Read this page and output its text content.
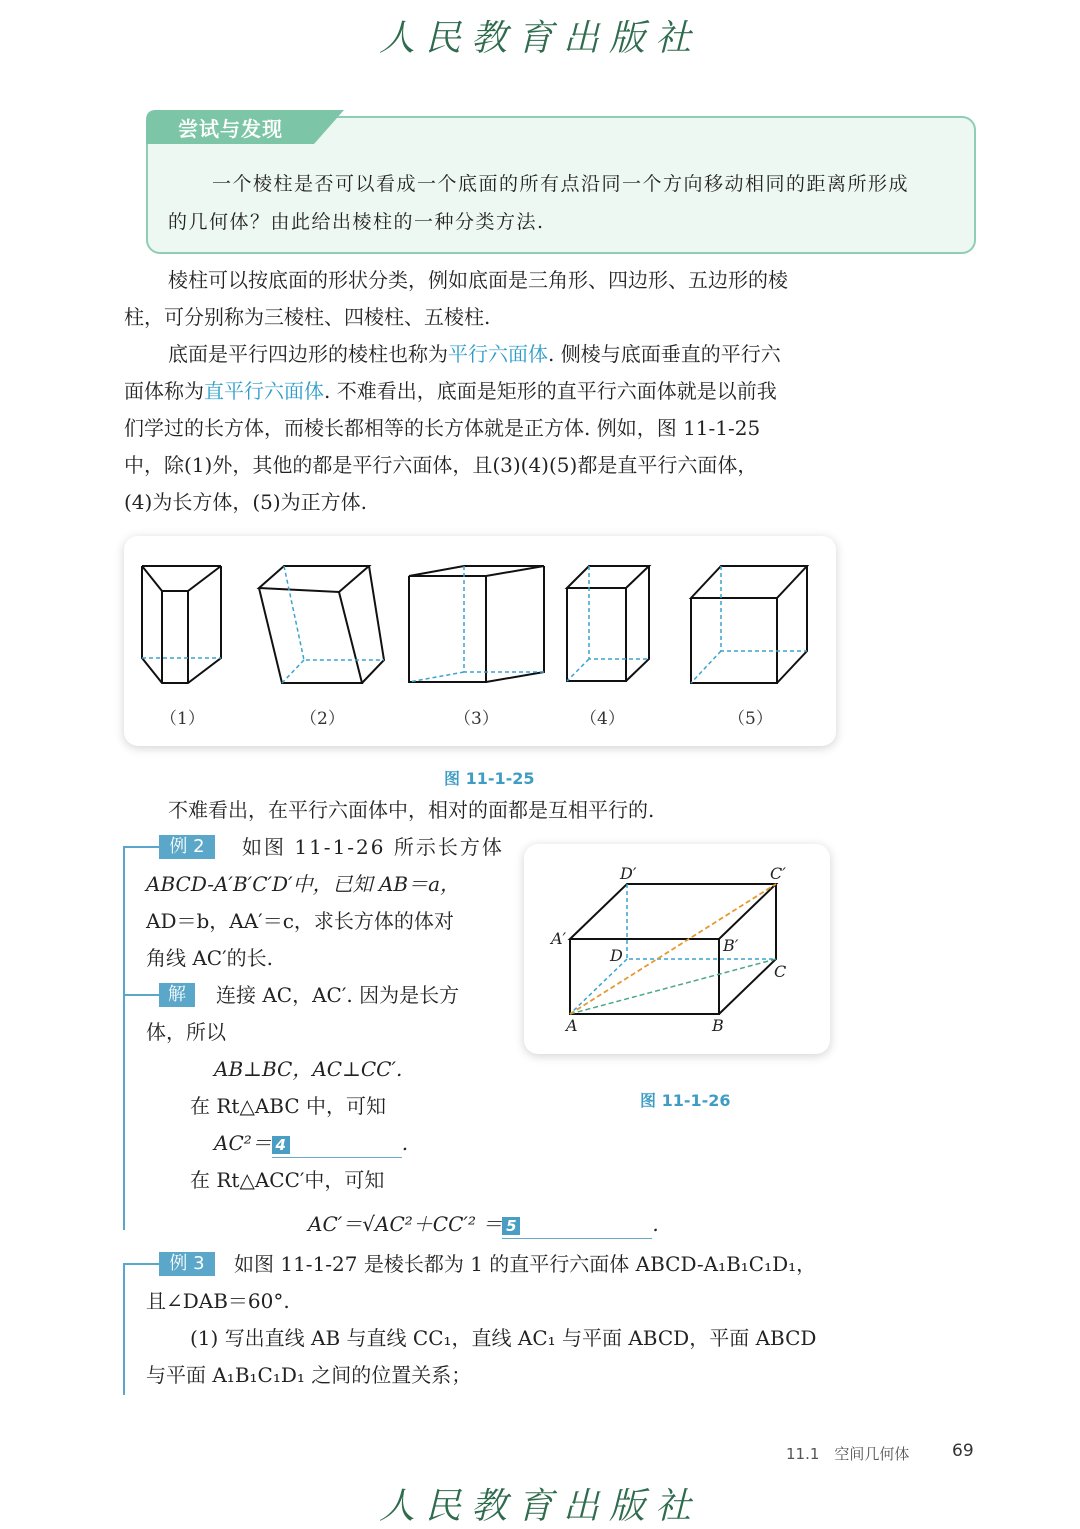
人民教育出版社
尝试与发现
一个棱柱是否可以看成一个底面的所有点沿同一个方向移动相同的距离所形成
的几何体？由此给出棱柱的一种分类方法.
棱柱可以按底面的形状分类，例如底面是三角形、四边形、五边形的棱
柱，可分别称为三棱柱、四棱柱、五棱柱.
底面是平行四边形的棱柱也称为平行六面体. 侧棱与底面垂直的平行六
面体称为直平行六面体. 不难看出，底面是矩形的直平行六面体就是以前我
们学过的长方体，而棱长都相等的长方体就是正方体. 例如，图 11-1-25
中，除(1)外，其他的都是平行六面体，且(3)(4)(5)都是直平行六面体，
(4)为长方体，(5)为正方体.
（1）	（2）	（3）	（4）	（5）
图 11-1-25
不难看出，在平行六面体中，相对的面都是互相平行的.
例 2	如图 11-1-26 所示长方体
ABCD-A′B′C′D′中，已知 AB＝a，
AD＝b，AA′＝c，求长方体的体对
角线 AC′的长.
解	连接 AC，AC′. 因为是长方
体，所以
AB⊥BC，AC⊥CC′.
在 Rt△ABC 中，可知
AC²＝ 4	.
在 Rt△ACC′中，可知
AC′＝√AC²＋CC′² ＝ 5	.
D′	C′
A′	B′
D
C
A	B
图 11-1-26
例 3	如图 11-1-27 是棱长都为 1 的直平行六面体 ABCD-A₁B₁C₁D₁，
且∠DAB＝60°.
(1) 写出直线 AB 与直线 CC₁，直线 AC₁ 与平面 ABCD，平面 ABCD
与平面 A₁B₁C₁D₁ 之间的位置关系；
11.1　空间几何体	69
人民教育出版社
